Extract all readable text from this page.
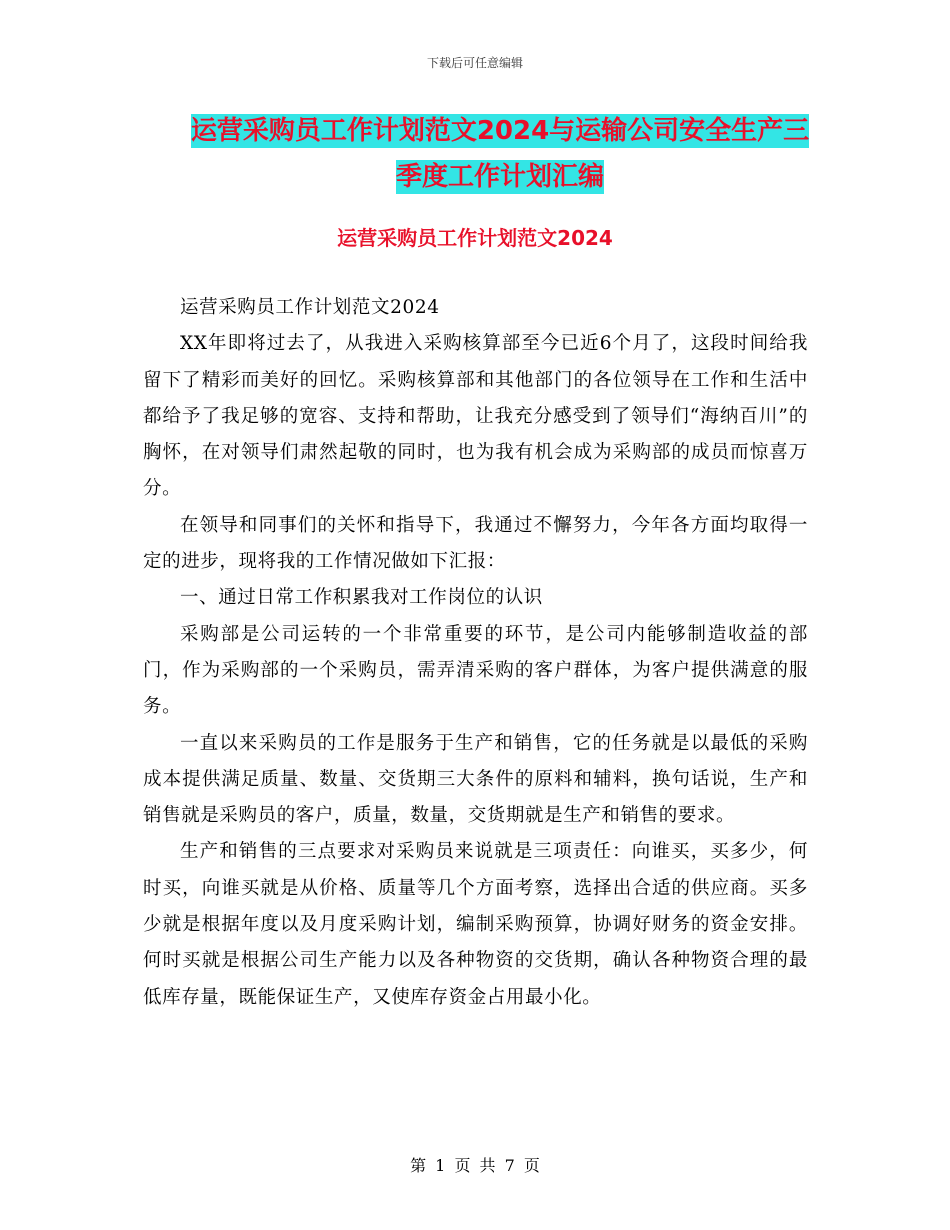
下载后可任意编辑
运营采购员工作计划范文2024与运输公司安全生产三
季度工作计划汇编
运营采购员工作计划范文2024

运营采购员工作计划范文2024

XX年即将过去了，从我进入采购核算部至今已近6个月了，这段时间给我留下了精彩而美好的回忆。采购核算部和其他部门的各位领导在工作和生活中都给予了我足够的宽容、支持和帮助，让我充分感受到了领导们“海纳百川”的胸怀，在对领导们肃然起敬的同时，也为我有机会成为采购部的成员而惊喜万分。

在领导和同事们的关怀和指导下，我通过不懈努力，今年各方面均取得一定的进步，现将我的工作情况做如下汇报：

一、通过日常工作积累我对工作岗位的认识

采购部是公司运转的一个非常重要的环节，是公司内能够制造收益的部门，作为采购部的一个采购员，需弄清采购的客户群体，为客户提供满意的服务。

一直以来采购员的工作是服务于生产和销售，它的任务就是以最低的采购成本提供满足质量、数量、交货期三大条件的原料和辅料，换句话说，生产和销售就是采购员的客户，质量，数量，交货期就是生产和销售的要求。

生产和销售的三点要求对采购员来说就是三项责任：向谁买，买多少，何时买，向谁买就是从价格、质量等几个方面考察，选择出合适的供应商。买多少就是根据年度以及月度采购计划，编制采购预算，协调好财务的资金安排。何时买就是根据公司生产能力以及各种物资的交货期，确认各种物资合理的最低库存量，既能保证生产，又使库存资金占用最小化。

第 1 页 共 7 页
